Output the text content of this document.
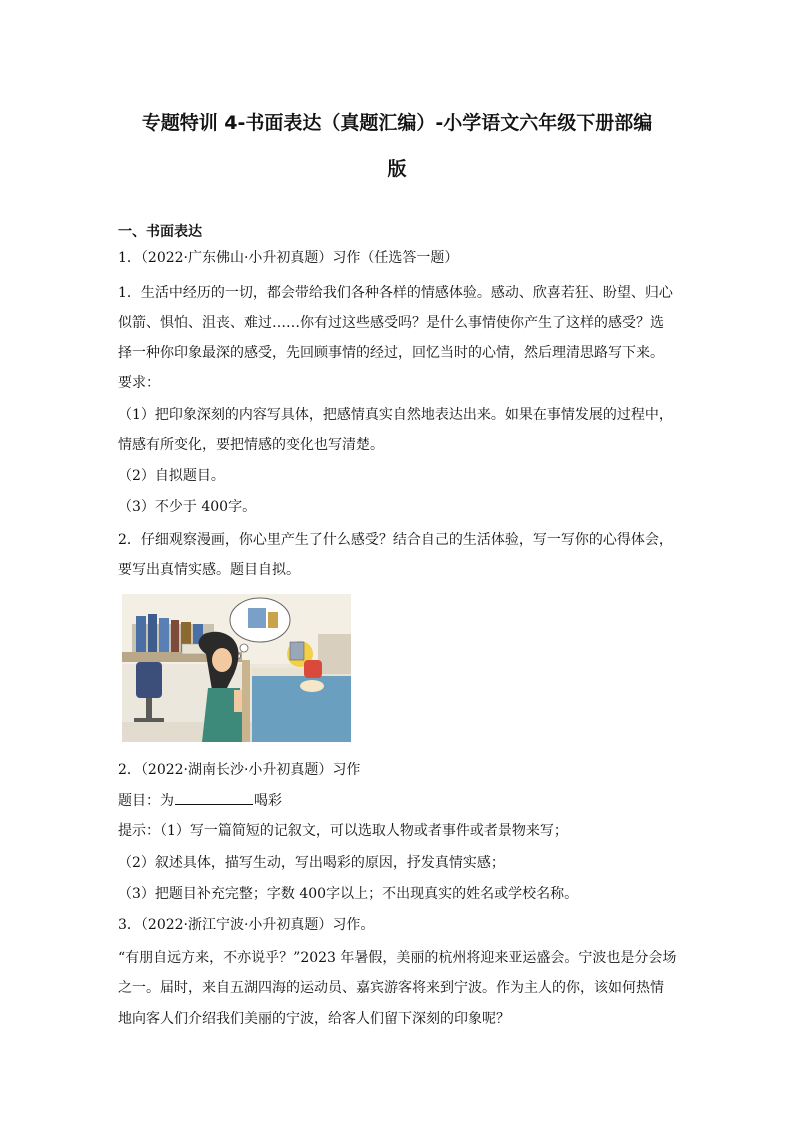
专题特训 4-书面表达（真题汇编）-小学语文六年级下册部编
版
一、书面表达
1．（2022·广东佛山·小升初真题）习作（任选答一题）
1．生活中经历的一切，都会带给我们各种各样的情感体验。感动、欣喜若狂、盼望、归心
似箭、惧怕、沮丧、难过……你有过这些感受吗？是什么事情使你产生了这样的感受？选
择一种你印象最深的感受，先回顾事情的经过，回忆当时的心情，然后理清思路写下来。
要求：
（1）把印象深刻的内容写具体，把感情真实自然地表达出来。如果在事情发展的过程中，
情感有所变化，要把情感的变化也写清楚。
（2）自拟题目。
（3）不少于 400字。
2．仔细观察漫画，你心里产生了什么感受？结合自己的生活体验，写一写你的心得体会，
要写出真情实感。题目自拟。
2．（2022·湖南长沙·小升初真题）习作
题目：为	喝彩
提示：（1）写一篇简短的记叙文，可以选取人物或者事件或者景物来写；
（2）叙述具体，描写生动，写出喝彩的原因，抒发真情实感；
（3）把题目补充完整；字数 400字以上；不出现真实的姓名或学校名称。
3．（2022·浙江宁波·小升初真题）习作。
“有朋自远方来，不亦说乎？”2023 年暑假，美丽的杭州将迎来亚运盛会。宁波也是分会场
之一。届时，来自五湖四海的运动员、嘉宾游客将来到宁波。作为主人的你，该如何热情
地向客人们介绍我们美丽的宁波，给客人们留下深刻的印象呢？
